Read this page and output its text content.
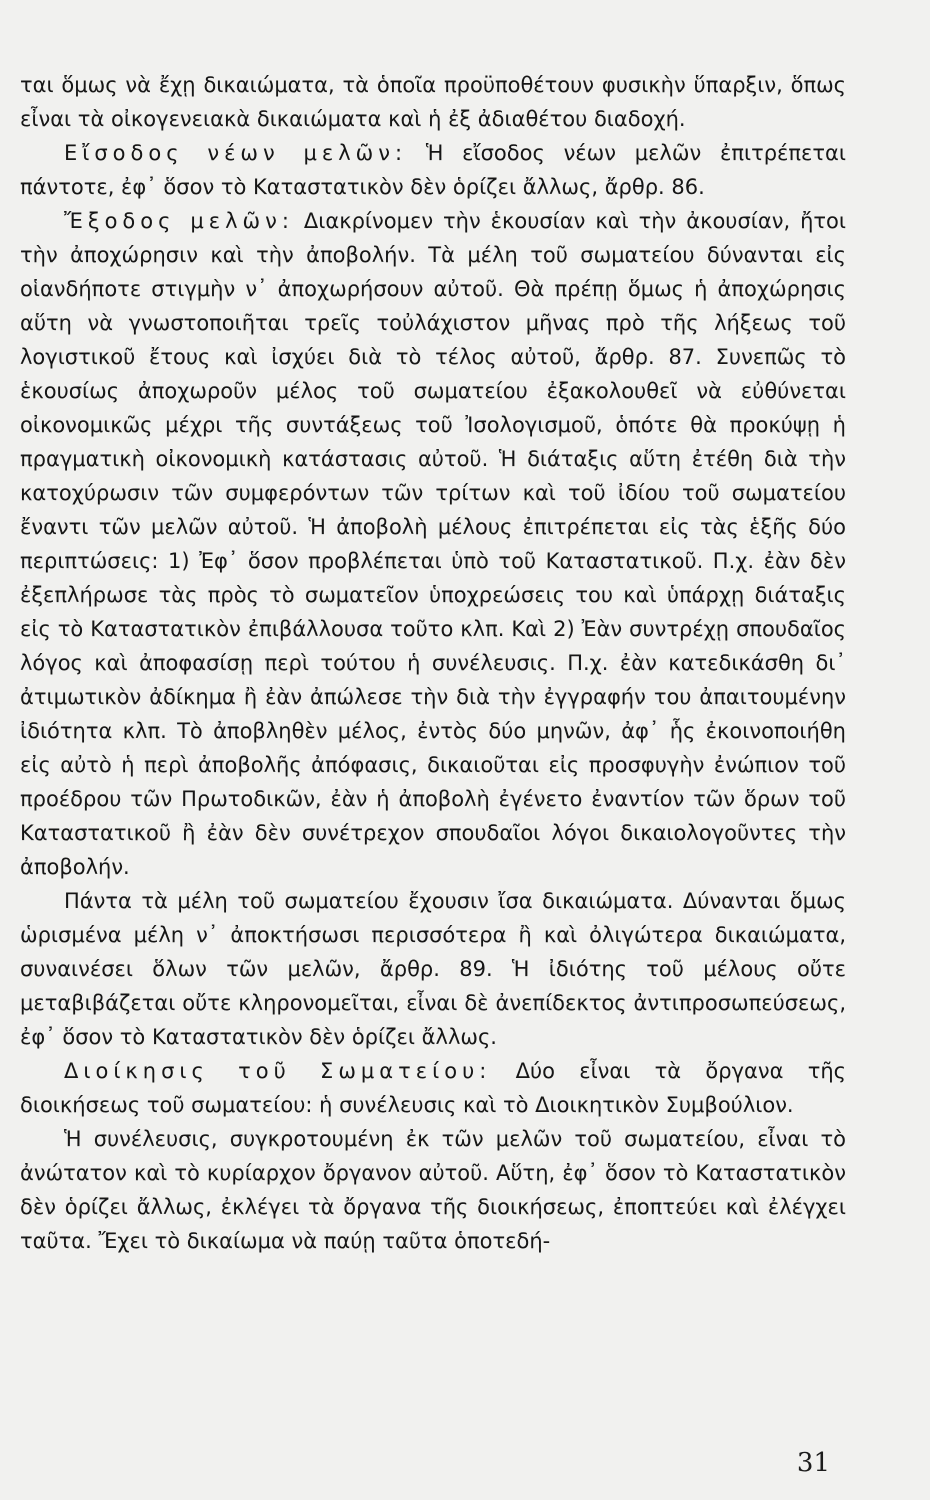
ται ὅμως νὰ ἔχῃ δικαιώματα, τὰ ὁποῖα προϋποθέτουν φυσικὴν ὕπαρξιν, ὅπως εἶναι τὰ οἰκογενειακὰ δικαιώματα καὶ ἡ ἐξ ἀδιαθέτου διαδοχή.

Εἴσοδος νέων μελῶν: Ἡ εἴσοδος νέων μελῶν ἐπιτρέπεται πάντοτε, ἐφ᾽ ὅσον τὸ Καταστατικὸν δὲν ὁρίζει ἄλλως, ἄρθρ. 86.

Ἔξοδος μελῶν: Διακρίνομεν τὴν ἑκουσίαν καὶ τὴν ἀκουσίαν, ἤτοι τὴν ἀποχώρησιν καὶ τὴν ἀποβολήν. Τὰ μέλη τοῦ σωματείου δύνανται εἰς οἱανδήποτε στιγμὴν ν᾽ ἀποχωρήσουν αὐτοῦ. Θὰ πρέπῃ ὅμως ἡ ἀποχώρησις αὕτη νὰ γνωστοποιῆται τρεῖς τοὐλάχιστον μῆνας πρὸ τῆς λήξεως τοῦ λογιστικοῦ ἔτους καὶ ἰσχύει διὰ τὸ τέλος αὐτοῦ, ἄρθρ. 87. Συνεπῶς τὸ ἑκουσίως ἀποχωροῦν μέλος τοῦ σωματείου ἐξακολουθεῖ νὰ εὐθύνεται οἰκονομικῶς μέχρι τῆς συντάξεως τοῦ Ἰσολογισμοῦ, ὁπότε θὰ προκύψῃ ἡ πραγματικὴ οἰκονομικὴ κατάστασις αὐτοῦ. Ἡ διάταξις αὕτη ἐτέθη διὰ τὴν κατοχύρωσιν τῶν συμφερόντων τῶν τρίτων καὶ τοῦ ἰδίου τοῦ σωματείου ἔναντι τῶν μελῶν αὐτοῦ. Ἡ ἀποβολὴ μέλους ἐπιτρέπεται εἰς τὰς ἑξῆς δύο περιπτώσεις: 1) Ἐφ᾽ ὅσον προβλέπεται ὑπὸ τοῦ Καταστατικοῦ. Π.χ. ἐὰν δὲν ἐξεπλήρωσε τὰς πρὸς τὸ σωματεῖον ὑποχρεώσεις του καὶ ὑπάρχῃ διάταξις εἰς τὸ Καταστατικὸν ἐπιβάλλουσα τοῦτο κλπ. Καὶ 2) Ἐὰν συντρέχῃ σπουδαῖος λόγος καὶ ἀποφασίσῃ περὶ τούτου ἡ συνέλευσις. Π.χ. ἐὰν κατεδικάσθη δι᾽ ἀτιμωτικὸν ἀδίκημα ἢ ἐὰν ἀπώλεσε τὴν διὰ τὴν ἐγγραφήν του ἀπαιτουμένην ἰδιότητα κλπ. Τὸ ἀποβληθὲν μέλος, ἐντὸς δύο μηνῶν, ἀφ᾽ ἧς ἐκοινοποιήθη εἰς αὐτὸ ἡ περὶ ἀποβολῆς ἀπόφασις, δικαιοῦται εἰς προσφυγὴν ἐνώπιον τοῦ προέδρου τῶν Πρωτοδικῶν, ἐὰν ἡ ἀποβολὴ ἐγένετο ἐναντίον τῶν ὅρων τοῦ Καταστατικοῦ ἢ ἐὰν δὲν συνέτρεχον σπουδαῖοι λόγοι δικαιολογοῦντες τὴν ἀποβολήν.

Πάντα τὰ μέλη τοῦ σωματείου ἔχουσιν ἴσα δικαιώματα. Δύνανται ὅμως ὡρισμένα μέλη ν᾽ ἀποκτήσωσι περισσότερα ἢ καὶ ὀλιγώτερα δικαιώματα, συναινέσει ὅλων τῶν μελῶν, ἄρθρ. 89. Ἡ ἰδιότης τοῦ μέλους οὔτε μεταβιβάζεται οὔτε κληρονομεῖται, εἶναι δὲ ἀνεπίδεκτος ἀντιπροσωπεύσεως, ἐφ᾽ ὅσον τὸ Καταστατικὸν δὲν ὁρίζει ἄλλως.

Διοίκησις τοῦ Σωματείου: Δύο εἶναι τὰ ὄργανα τῆς διοικήσεως τοῦ σωματείου: ἡ συνέλευσις καὶ τὸ Διοικητικὸν Συμβούλιον.

Ἡ συνέλευσις, συγκροτουμένη ἐκ τῶν μελῶν τοῦ σωματείου, εἶναι τὸ ἀνώτατον καὶ τὸ κυρίαρχον ὄργανον αὐτοῦ. Αὕτη, ἐφ᾽ ὅσον τὸ Καταστατικὸν δὲν ὁρίζει ἄλλως, ἐκλέγει τὰ ὄργανα τῆς διοικήσεως, ἐποπτεύει καὶ ἐλέγχει ταῦτα. Ἔχει τὸ δικαίωμα νὰ παύῃ ταῦτα ὁποτεδή-

31
